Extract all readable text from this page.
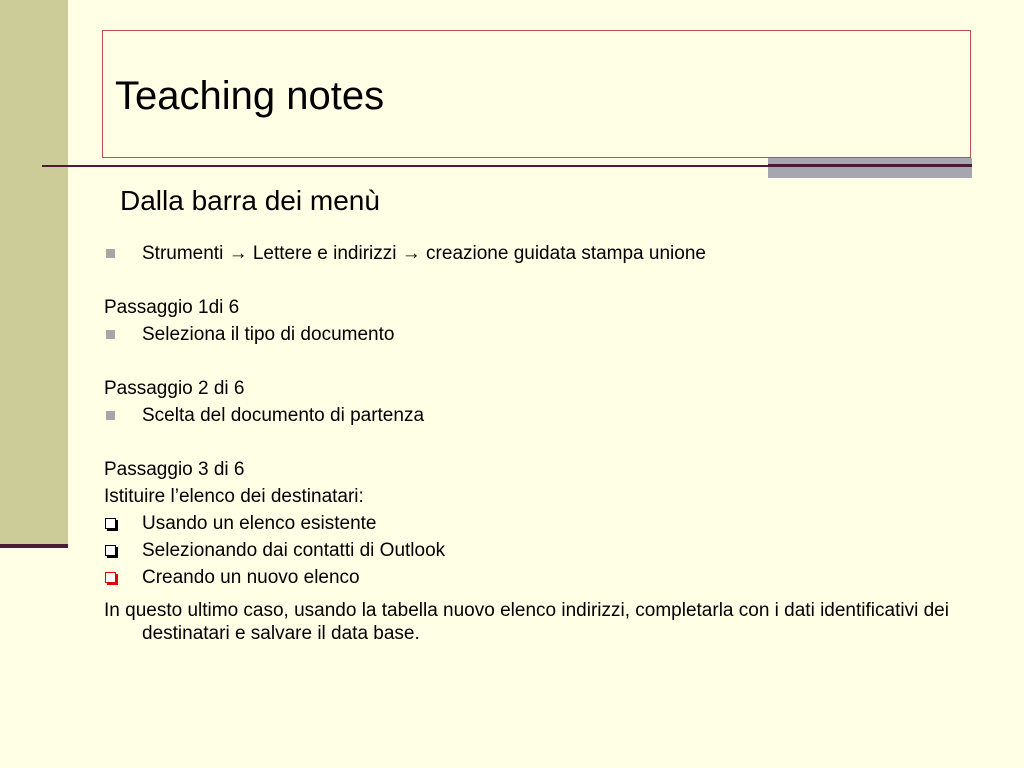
Teaching notes
Dalla barra dei menù
Strumenti → Lettere e indirizzi → creazione guidata stampa unione
Passaggio 1di 6
Seleziona il tipo di documento
Passaggio 2 di 6
Scelta del documento di partenza
Passaggio 3 di 6
Istituire l’elenco dei destinatari:
Usando un elenco esistente
Selezionando dai contatti di Outlook
Creando un nuovo elenco
In questo ultimo caso, usando la tabella nuovo elenco indirizzi, completarla con i dati identificativi dei destinatari e salvare il data base.
